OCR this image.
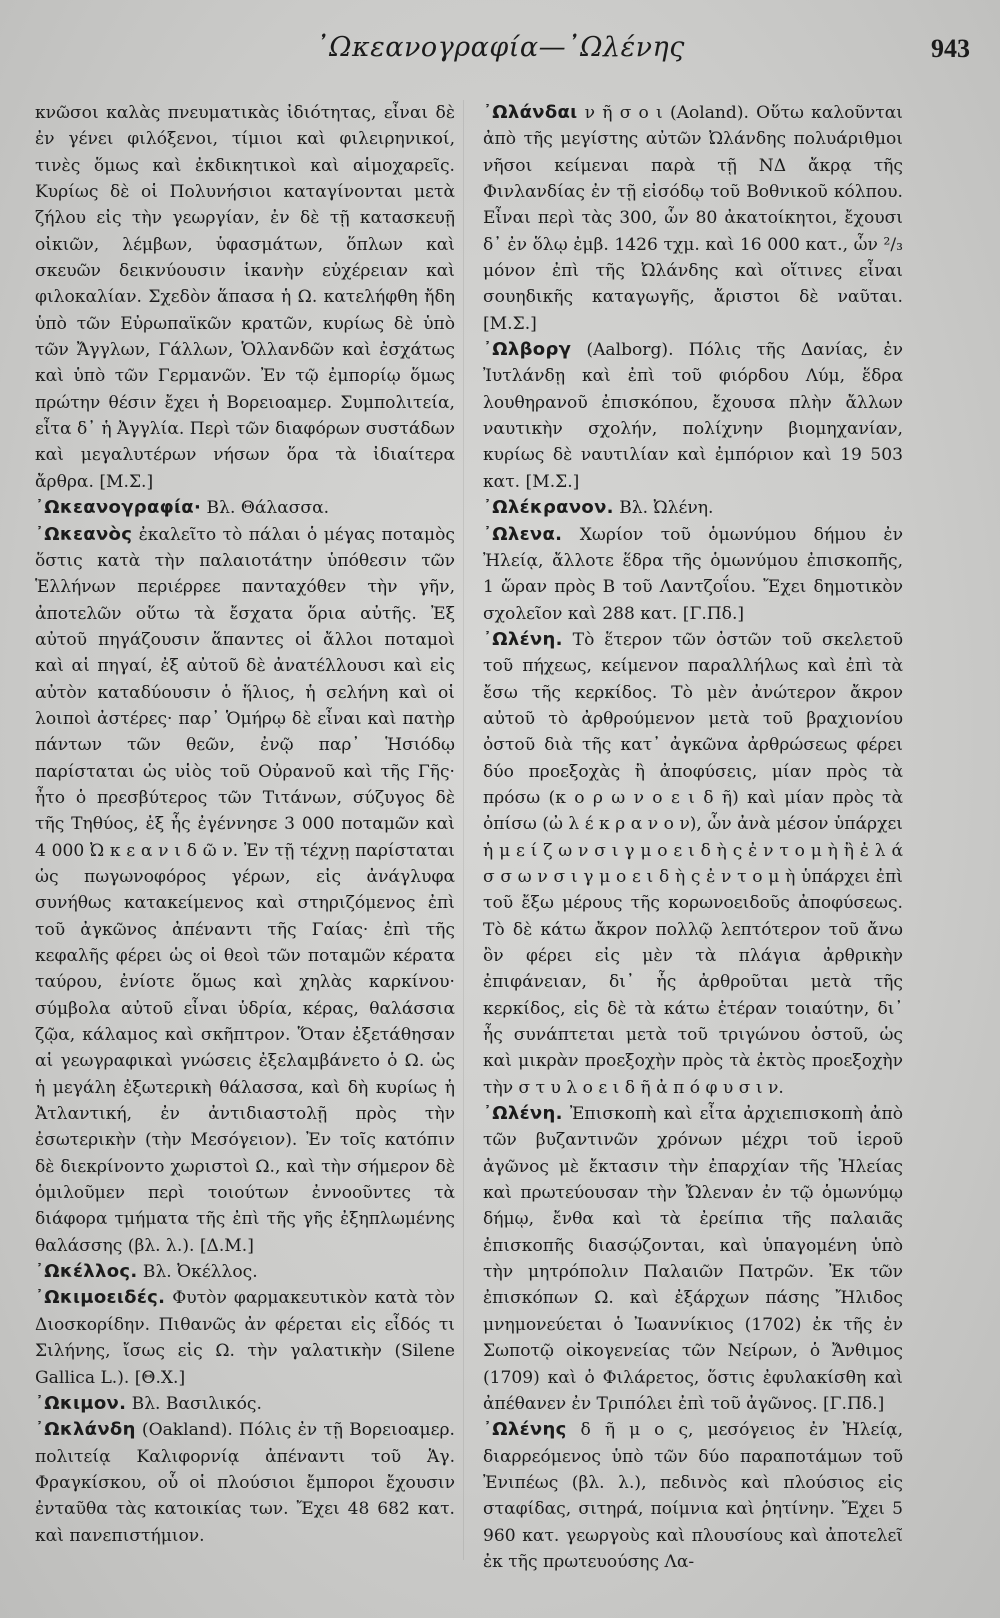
᾿Ωκεανογραφία—᾿Ωλένης	943

κνῶσοι καλὰς πνευματικὰς ἰδιότητας, εἶναι δὲ ἐν γένει φιλόξενοι, τίμιοι καὶ φιλειρηνικοί, τινὲς ὅμως καὶ ἐκδικητικοὶ καὶ αἱμοχαρεῖς. Κυρίως δὲ οἱ Πολυνήσιοι καταγίνονται μετὰ ζήλου εἰς τὴν γεωργίαν, ἐν δὲ τῇ κατασκευῇ οἰκιῶν, λέμβων, ὑφασμάτων, ὅπλων καὶ σκευῶν δεικνύουσιν ἱκανὴν εὐχέρειαν καὶ φιλοκαλίαν. Σχεδὸν ἅπασα ἡ Ω. κατελήφθη ἤδη ὑπὸ τῶν Εὐρωπαϊκῶν κρατῶν, κυρίως δὲ ὑπὸ τῶν Ἄγγλων, Γάλλων, Ὁλλανδῶν καὶ ἐσχάτως καὶ ὑπὸ τῶν Γερμανῶν. Ἐν τῷ ἐμπορίῳ ὅμως πρώτην θέσιν ἔχει ἡ Βορειοαμερ. Συμπολιτεία, εἶτα δ᾿ ἡ Ἀγγλία. Περὶ τῶν διαφόρων συστάδων καὶ μεγαλυτέρων νήσων ὅρα τὰ ἰδιαίτερα ἄρθρα. [Μ.Σ.]

᾿Ωκεανογραφία· Βλ. Θάλασσα.

᾿Ωκεανὸς ἐκαλεῖτο τὸ πάλαι ὁ μέγας ποταμὸς ὅστις κατὰ τὴν παλαιοτάτην ὑπόθεσιν τῶν Ἑλλήνων περιέρρεε πανταχόθεν τὴν γῆν, ἀποτελῶν οὕτω τὰ ἔσχατα ὅρια αὐτῆς. Ἐξ αὐτοῦ πηγάζουσιν ἅπαντες οἱ ἄλλοι ποταμοὶ καὶ αἱ πηγαί, ἐξ αὐτοῦ δὲ ἀνατέλλουσι καὶ εἰς αὐτὸν καταδύουσιν ὁ ἥλιος, ἡ σελήνη καὶ οἱ λοιποὶ ἀστέρες· παρ᾿ Ὁμήρῳ δὲ εἶναι καὶ πατὴρ πάντων τῶν θεῶν, ἐνῷ παρ᾿ Ἡσιόδῳ παρίσταται ὡς υἱὸς τοῦ Οὐρανοῦ καὶ τῆς Γῆς· ἦτο ὁ πρεσβύτερος τῶν Τιτάνων, σύζυγος δὲ τῆς Τηθύος, ἐξ ἧς ἐγέννησε 3 000 ποταμῶν καὶ 4 000 Ὠ κ ε α ν ι δ ῶ ν. Ἐν τῇ τέχνῃ παρίσταται ὡς πωγωνοφόρος γέρων, εἰς ἀνάγλυφα συνήθως κατακείμενος καὶ στηριζόμενος ἐπὶ τοῦ ἀγκῶνος ἀπέναντι τῆς Γαίας· ἐπὶ τῆς κεφαλῆς φέρει ὡς οἱ θεοὶ τῶν ποταμῶν κέρατα ταύρου, ἐνίοτε ὅμως καὶ χηλὰς καρκίνου· σύμβολα αὐτοῦ εἶναι ὑδρία, κέρας, θαλάσσια ζῷα, κάλαμος καὶ σκῆπτρον. Ὅταν ἐξετάθησαν αἱ γεωγραφικαὶ γνώσεις ἐξελαμβάνετο ὁ Ω. ὡς ἡ μεγάλη ἐξωτερικὴ θάλασσα, καὶ δὴ κυρίως ἡ Ἀτλαντική, ἐν ἀντιδιαστολῇ πρὸς τὴν ἐσωτερικὴν (τὴν Μεσόγειον). Ἐν τοῖς κατόπιν δὲ διεκρίνοντο χωριστοὶ Ω., καὶ τὴν σήμερον δὲ ὁμιλοῦμεν περὶ τοιούτων ἐννοοῦντες τὰ διάφορα τμήματα τῆς ἐπὶ τῆς γῆς ἐξηπλωμένης θαλάσσης (βλ. λ.). [Δ.Μ.]

᾿Ωκέλλος. Βλ. Ὀκέλλος.

᾿Ωκιμοειδές. Φυτὸν φαρμακευτικὸν κατὰ τὸν Διοσκορίδην. Πιθανῶς ἀν φέρεται εἰς εἶδός τι Σιλήνης, ἴσως εἰς Ω. τὴν γαλατικὴν (Silene Gallica L.). [Θ.Χ.]

᾿Ωκιμον. Βλ. Βασιλικός.

᾿Ωκλάνδη (Oakland). Πόλις ἐν τῇ Βορειοαμερ. πολιτείᾳ Καλιφορνίᾳ ἀπέναντι τοῦ Ἁγ. Φραγκίσκου, οὗ οἱ πλούσιοι ἔμποροι ἔχουσιν ἐνταῦθα τὰς κατοικίας των. Ἔχει 48 682 κατ. καὶ πανεπιστήμιον.

᾿Ωλάνδαι ν ῆ σ ο ι (Aoland). Οὕτω καλοῦνται ἀπὸ τῆς μεγίστης αὐτῶν Ὠλάνδης πολυάριθμοι νῆσοι κείμεναι παρὰ τῇ ΝΔ ἄκρᾳ τῆς Φινλανδίας ἐν τῇ εἰσόδῳ τοῦ Βοθνικοῦ κόλπου. Εἶναι περὶ τὰς 300, ὧν 80 ἀκατοίκητοι, ἔχουσι δ᾿ ἐν ὅλῳ ἐμβ. 1426 τχμ. καὶ 16 000 κατ., ὧν ²/₃ μόνον ἐπὶ τῆς Ὠλάνδης καὶ οἵτινες εἶναι σουηδικῆς καταγωγῆς, ἄριστοι δὲ ναῦται. [Μ.Σ.]

᾿Ωλβοργ (Aalborg). Πόλις τῆς Δανίας, ἐν Ἰυτλάνδῃ καὶ ἐπὶ τοῦ φιόρδου Λύμ, ἕδρα λουθηρανοῦ ἐπισκόπου, ἔχουσα πλὴν ἄλλων ναυτικὴν σχολήν, πολίχνην βιομηχανίαν, κυρίως δὲ ναυτιλίαν καὶ ἐμπόριον καὶ 19 503 κατ. [Μ.Σ.]

᾿Ωλέκρανον. Βλ. Ὠλένη.

᾿Ωλενα. Χωρίον τοῦ ὁμωνύμου δήμου ἐν Ἠλείᾳ, ἄλλοτε ἕδρα τῆς ὁμωνύμου ἐπισκοπῆς, 1 ὥραν πρὸς Β τοῦ Λαντζοΐου. Ἔχει δημοτικὸν σχολεῖον καὶ 288 κατ. [Γ.Πδ.]

᾿Ωλένη. Τὸ ἕτερον τῶν ὀστῶν τοῦ σκελετοῦ τοῦ πήχεως, κείμενον παραλλήλως καὶ ἐπὶ τὰ ἔσω τῆς κερκίδος. Τὸ μὲν ἀνώτερον ἄκρον αὐτοῦ τὸ ἀρθρούμενον μετὰ τοῦ βραχιονίου ὀστοῦ διὰ τῆς κατ᾿ ἀγκῶνα ἀρθρώσεως φέρει δύο προεξοχὰς ἢ ἀποφύσεις, μίαν πρὸς τὰ πρόσω (κ ο ρ ω ν ο ε ι δ ῆ) καὶ μίαν πρὸς τὰ ὀπίσω (ὠ λ έ κ ρ α ν ο ν), ὧν ἀνὰ μέσον ὑπάρχει ἡ μ ε ί ζ ω ν σ ι γ μ ο ε ι δ ὴ ς ἐ ν τ ο μ ὴ ἢ ἐ λ ά σ σ ω ν σ ι γ μ ο ε ι δ ὴ ς ἐ ν τ ο μ ὴ ὑπάρχει ἐπὶ τοῦ ἔξω μέρους τῆς κορωνοειδοῦς ἀποφύσεως. Τὸ δὲ κάτω ἄκρον πολλῷ λεπτότερον τοῦ ἄνω ὂν φέρει εἰς μὲν τὰ πλάγια ἀρθρικὴν ἐπιφάνειαν, δι᾿ ἧς ἀρθροῦται μετὰ τῆς κερκίδος, εἰς δὲ τὰ κάτω ἑτέραν τοιαύτην, δι᾿ ἧς συνάπτεται μετὰ τοῦ τριγώνου ὀστοῦ, ὡς καὶ μικρὰν προεξοχὴν πρὸς τὰ ἐκτὸς προεξοχὴν τὴν σ τ υ λ ο ε ι δ ῆ ἀ π ό φ υ σ ι ν.

᾿Ωλένη. Ἐπισκοπὴ καὶ εἶτα ἀρχιεπισκοπὴ ἀπὸ τῶν βυζαντινῶν χρόνων μέχρι τοῦ ἱεροῦ ἀγῶνος μὲ ἔκτασιν τὴν ἐπαρχίαν τῆς Ἠλείας καὶ πρωτεύουσαν τὴν Ὤλεναν ἐν τῷ ὁμωνύμῳ δήμῳ, ἔνθα καὶ τὰ ἐρείπια τῆς παλαιᾶς ἐπισκοπῆς διασῴζονται, καὶ ὑπαγομένη ὑπὸ τὴν μητρόπολιν Παλαιῶν Πατρῶν. Ἐκ τῶν ἐπισκόπων Ω. καὶ ἐξάρχων πάσης Ἤλιδος μνημονεύεται ὁ Ἰωαννίκιος (1702) ἐκ τῆς ἐν Σωποτῷ οἰκογενείας τῶν Νείρων, ὁ Ἄνθιμος (1709) καὶ ὁ Φιλάρετος, ὅστις ἐφυλακίσθη καὶ ἀπέθανεν ἐν Τριπόλει ἐπὶ τοῦ ἀγῶνος. [Γ.Πδ.]

᾿Ωλένης δ ῆ μ ο ς, μεσόγειος ἐν Ἠλείᾳ, διαρρεόμενος ὑπὸ τῶν δύο παραποτάμων τοῦ Ἐνιπέως (βλ. λ.), πεδινὸς καὶ πλούσιος εἰς σταφίδας, σιτηρά, ποίμνια καὶ ῥητίνην. Ἔχει 5 960 κατ. γεωργοὺς καὶ πλουσίους καὶ ἀποτελεῖ ἐκ τῆς πρωτευούσης Λα-
